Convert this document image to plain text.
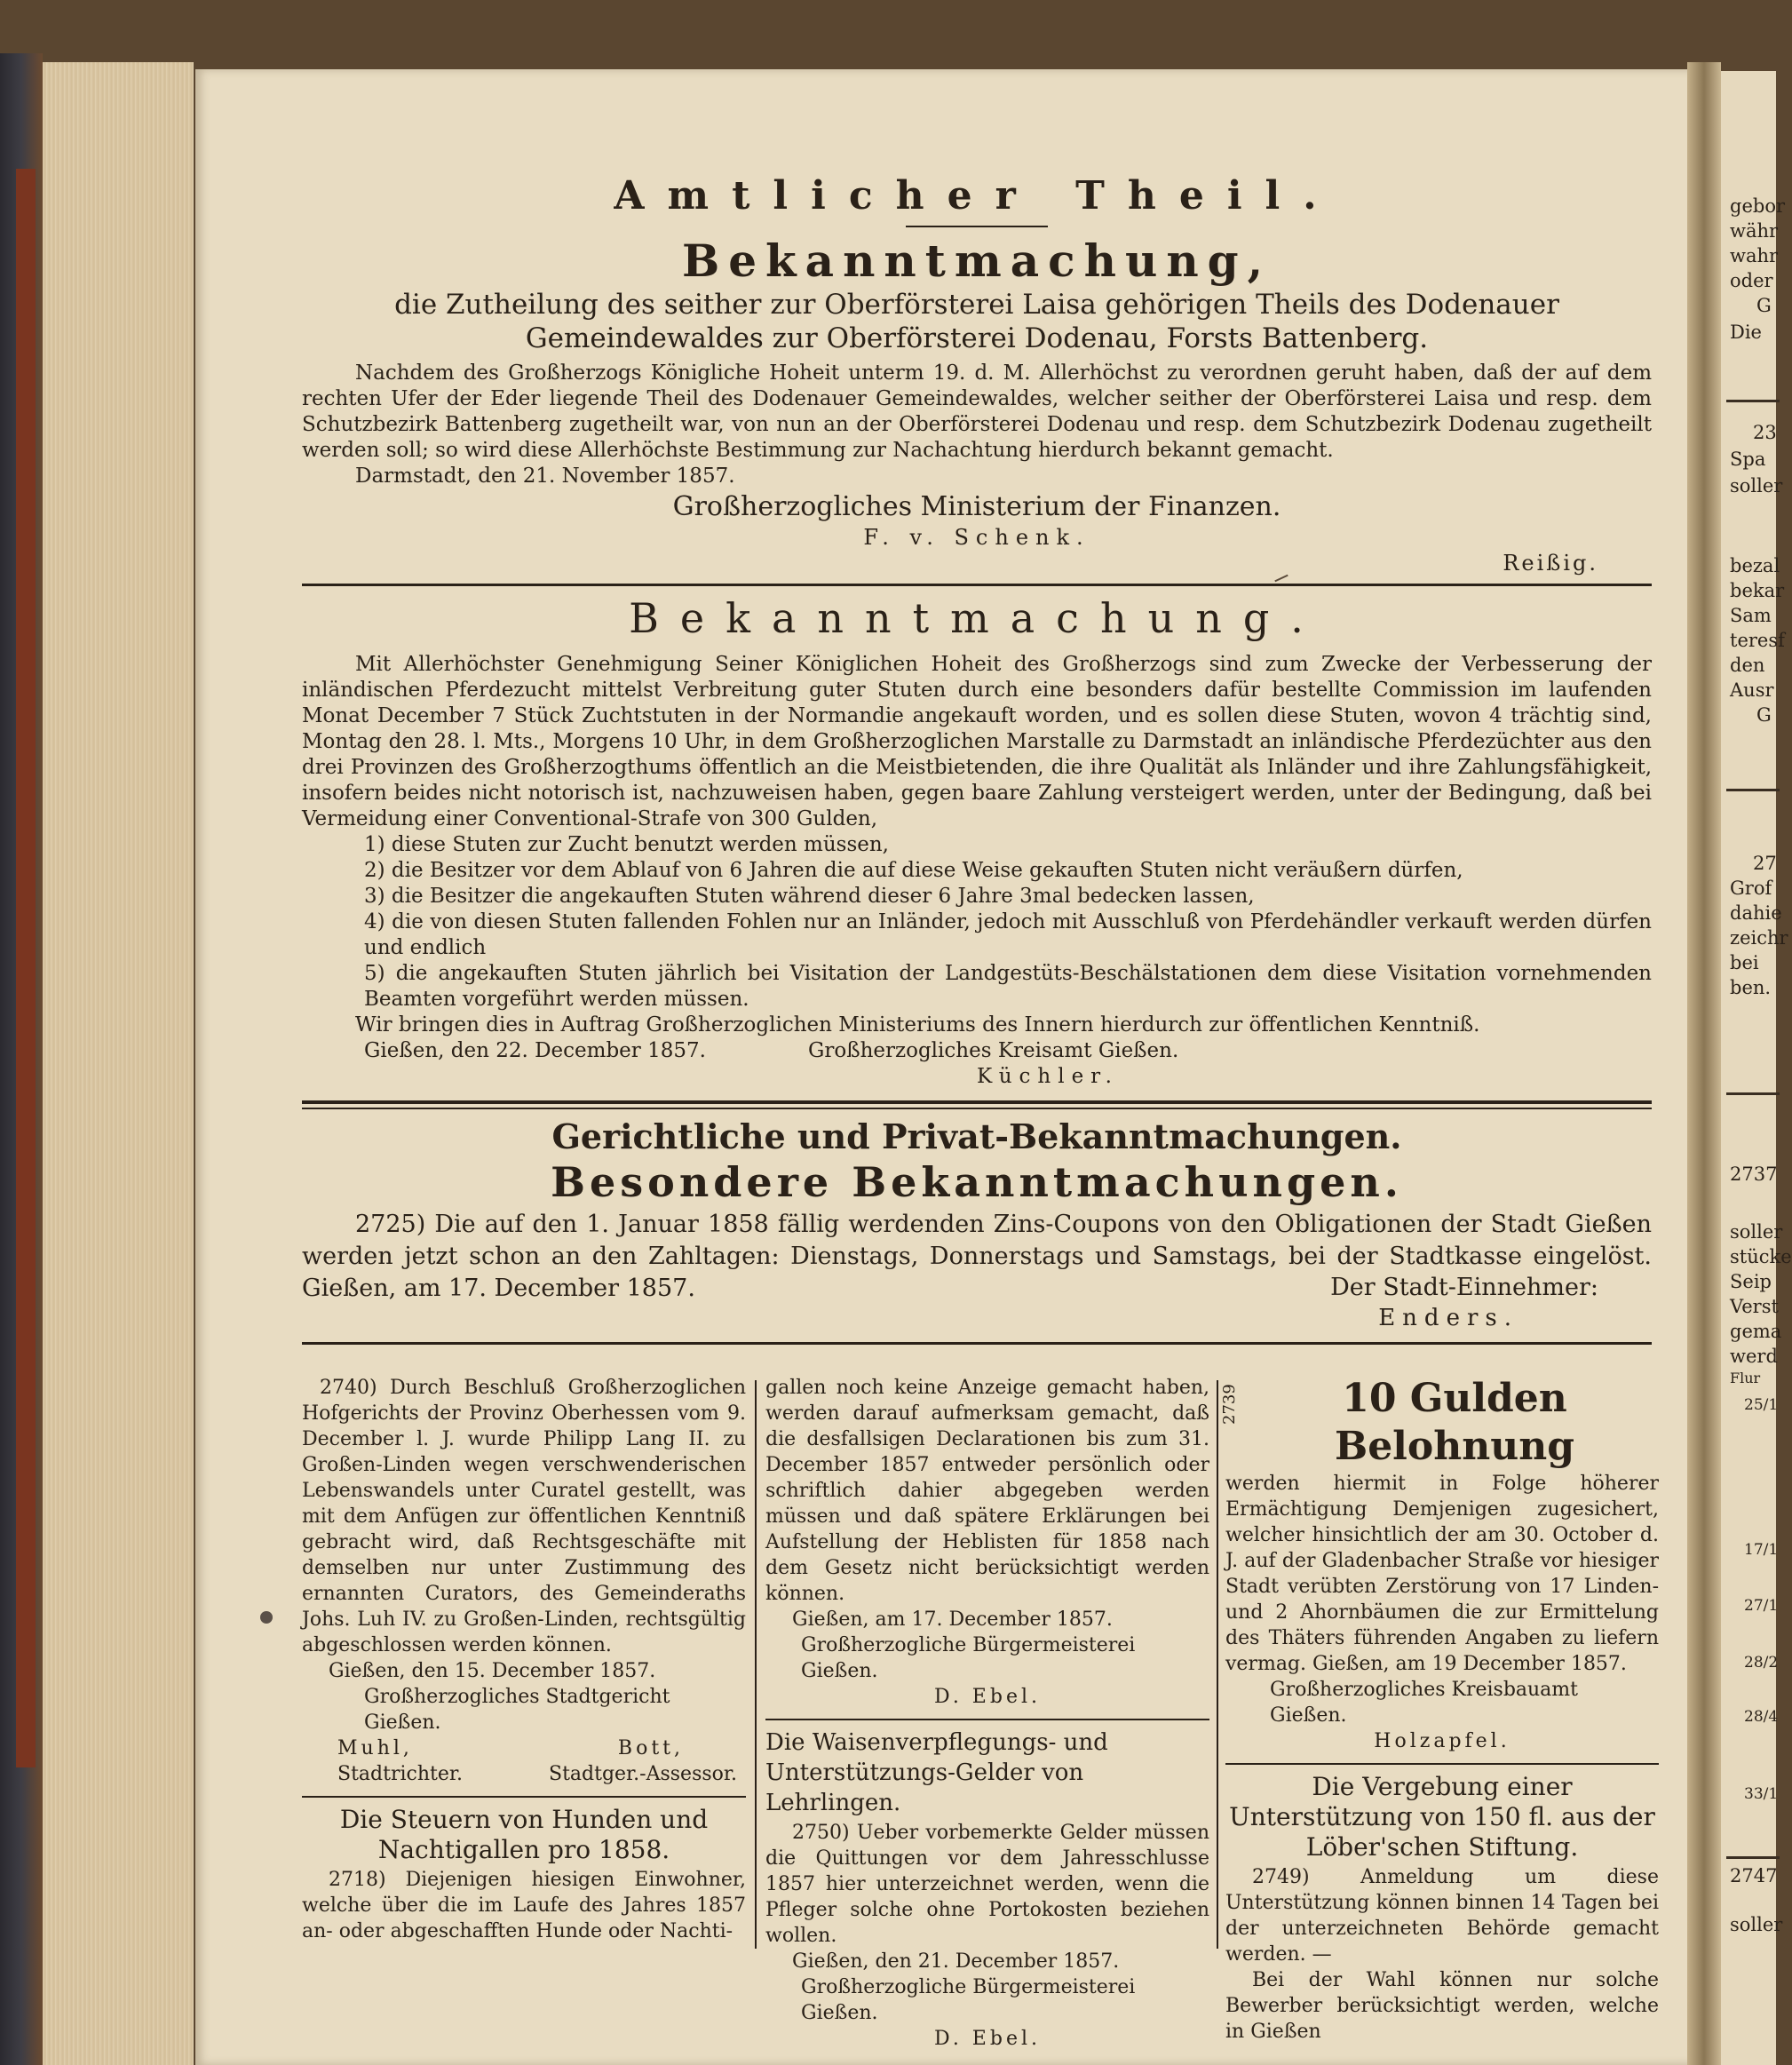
gebor
währ
wahr
oder
G
Die
23
Spa
soller
bezal
bekar
Sam
teresf
den
Ausr
G
27
Grof
dahie
zeichr
bei
ben.
2737
soller
stücke
Seip
Verst
gema
werd
Flur
25/1
17/1
27/1
28/2
28/4
33/1
2747
soller
Amtlicher Theil.
Bekanntmachung,
die Zutheilung des seither zur Oberförsterei Laisa gehörigen Theils des Dodenauer Gemeindewaldes zur Oberförsterei Dodenau, Forsts Battenberg.

Nachdem des Großherzogs Königliche Hoheit unterm 19. d. M. Allerhöchst zu verordnen geruht haben, daß der auf dem rechten Ufer der Eder liegende Theil des Dodenauer Gemeindewaldes, welcher seither der Oberförsterei Laisa und resp. dem Schutzbezirk Battenberg zugetheilt war, von nun an der Oberförsterei Dodenau und resp. dem Schutzbezirk Dodenau zugetheilt werden soll; so wird diese Allerhöchste Bestimmung zur Nachachtung hierdurch bekannt gemacht.

Darmstadt, den 21. November 1857.

Großherzogliches Ministerium der Finanzen.
F. v. Schenk.
Reißig.
Bekanntmachung.

Mit Allerhöchster Genehmigung Seiner Königlichen Hoheit des Großherzogs sind zum Zwecke der Verbesserung der inländischen Pferdezucht mittelst Verbreitung guter Stuten durch eine besonders dafür bestellte Commission im laufenden Monat December 7 Stück Zuchtstuten in der Normandie angekauft worden, und es sollen diese Stuten, wovon 4 trächtig sind, Montag den 28. l. Mts., Morgens 10 Uhr, in dem Großherzoglichen Marstalle zu Darmstadt an inländische Pferdezüchter aus den drei Provinzen des Großherzogthums öffentlich an die Meistbietenden, die ihre Qualität als Inländer und ihre Zahlungsfähigkeit, insofern beides nicht notorisch ist, nachzuweisen haben, gegen baare Zahlung versteigert werden, unter der Bedingung, daß bei Vermeidung einer Conventional-Strafe von 300 Gulden,

1) diese Stuten zur Zucht benutzt werden müssen,
2) die Besitzer vor dem Ablauf von 6 Jahren die auf diese Weise gekauften Stuten nicht veräußern dürfen,
3) die Besitzer die angekauften Stuten während dieser 6 Jahre 3mal bedecken lassen,
4) die von diesen Stuten fallenden Fohlen nur an Inländer, jedoch mit Ausschluß von Pferdehändler verkauft werden dürfen und endlich
5) die angekauften Stuten jährlich bei Visitation der Landgestüts-Beschälstationen dem diese Visitation vornehmenden Beamten vorgeführt werden müssen.

Wir bringen dies in Auftrag Großherzoglichen Ministeriums des Innern hierdurch zur öffentlichen Kenntniß.

Gießen, den 22. December 1857.	Großherzogliches Kreisamt Gießen.
Küchler.
Gerichtliche und Privat-Bekanntmachungen.
Besondere Bekanntmachungen.

2725) Die auf den 1. Januar 1858 fällig werdenden Zins-Coupons von den Obligationen der Stadt Gießen werden jetzt schon an den Zahltagen: Dienstags, Donnerstags und Samstags, bei der Stadtkasse eingelöst. Gießen, am 17. December 1857.	Der Stadt-Einnehmer:
Enders.

2740) Durch Beschluß Großherzoglichen Hofgerichts der Provinz Oberhessen vom 9. December l. J. wurde Philipp Lang II. zu Großen-Linden wegen verschwenderischen Lebenswandels unter Curatel gestellt, was mit dem Anfügen zur öffentlichen Kenntniß gebracht wird, daß Rechtsgeschäfte mit demselben nur unter Zustimmung des ernannten Curators, des Gemeinderaths Johs. Luh IV. zu Großen-Linden, rechtsgültig abgeschlossen werden können.

Gießen, den 15. December 1857.

Großherzogliches Stadtgericht Gießen.

Muhl,	Bott,
Stadtrichter.	Stadtger.-Assessor.
Die Steuern von Hunden und Nachtigallen pro 1858.

2718) Diejenigen hiesigen Einwohner, welche über die im Laufe des Jahres 1857 an- oder abgeschafften Hunde oder Nachti-

gallen noch keine Anzeige gemacht haben, werden darauf aufmerksam gemacht, daß die desfallsigen Declarationen bis zum 31. December 1857 entweder persönlich oder schriftlich dahier abgegeben werden müssen und daß spätere Erklärungen bei Aufstellung der Heblisten für 1858 nach dem Gesetz nicht berücksichtigt werden können.

Gießen, am 17. December 1857.

Großherzogliche Bürgermeisterei Gießen.

D. Ebel.

Die Waisenverpflegungs- und Unterstützungs-Gelder von Lehrlingen.

2750) Ueber vorbemerkte Gelder müssen die Quittungen vor dem Jahresschlusse 1857 hier unterzeichnet werden, wenn die Pfleger solche ohne Portokosten beziehen wollen.

Gießen, den 21. December 1857.

Großherzogliche Bürgermeisterei Gießen.

D. Ebel.

2739	10 Gulden Belohnung

werden hiermit in Folge höherer Ermächtigung Demjenigen zugesichert, welcher hinsichtlich der am 30. October d. J. auf der Gladenbacher Straße vor hiesiger Stadt verübten Zerstörung von 17 Linden- und 2 Ahornbäumen die zur Ermittelung des Thäters führenden Angaben zu liefern vermag. Gießen, am 19 December 1857.

Großherzogliches Kreisbauamt Gießen.

Holzapfel.

Die Vergebung einer Unterstützung von 150 fl. aus der Löber'schen Stiftung.

2749) Anmeldung um diese Unterstützung können binnen 14 Tagen bei der unterzeichneten Behörde gemacht werden. —

Bei der Wahl können nur solche Bewerber berücksichtigt werden, welche in Gießen
